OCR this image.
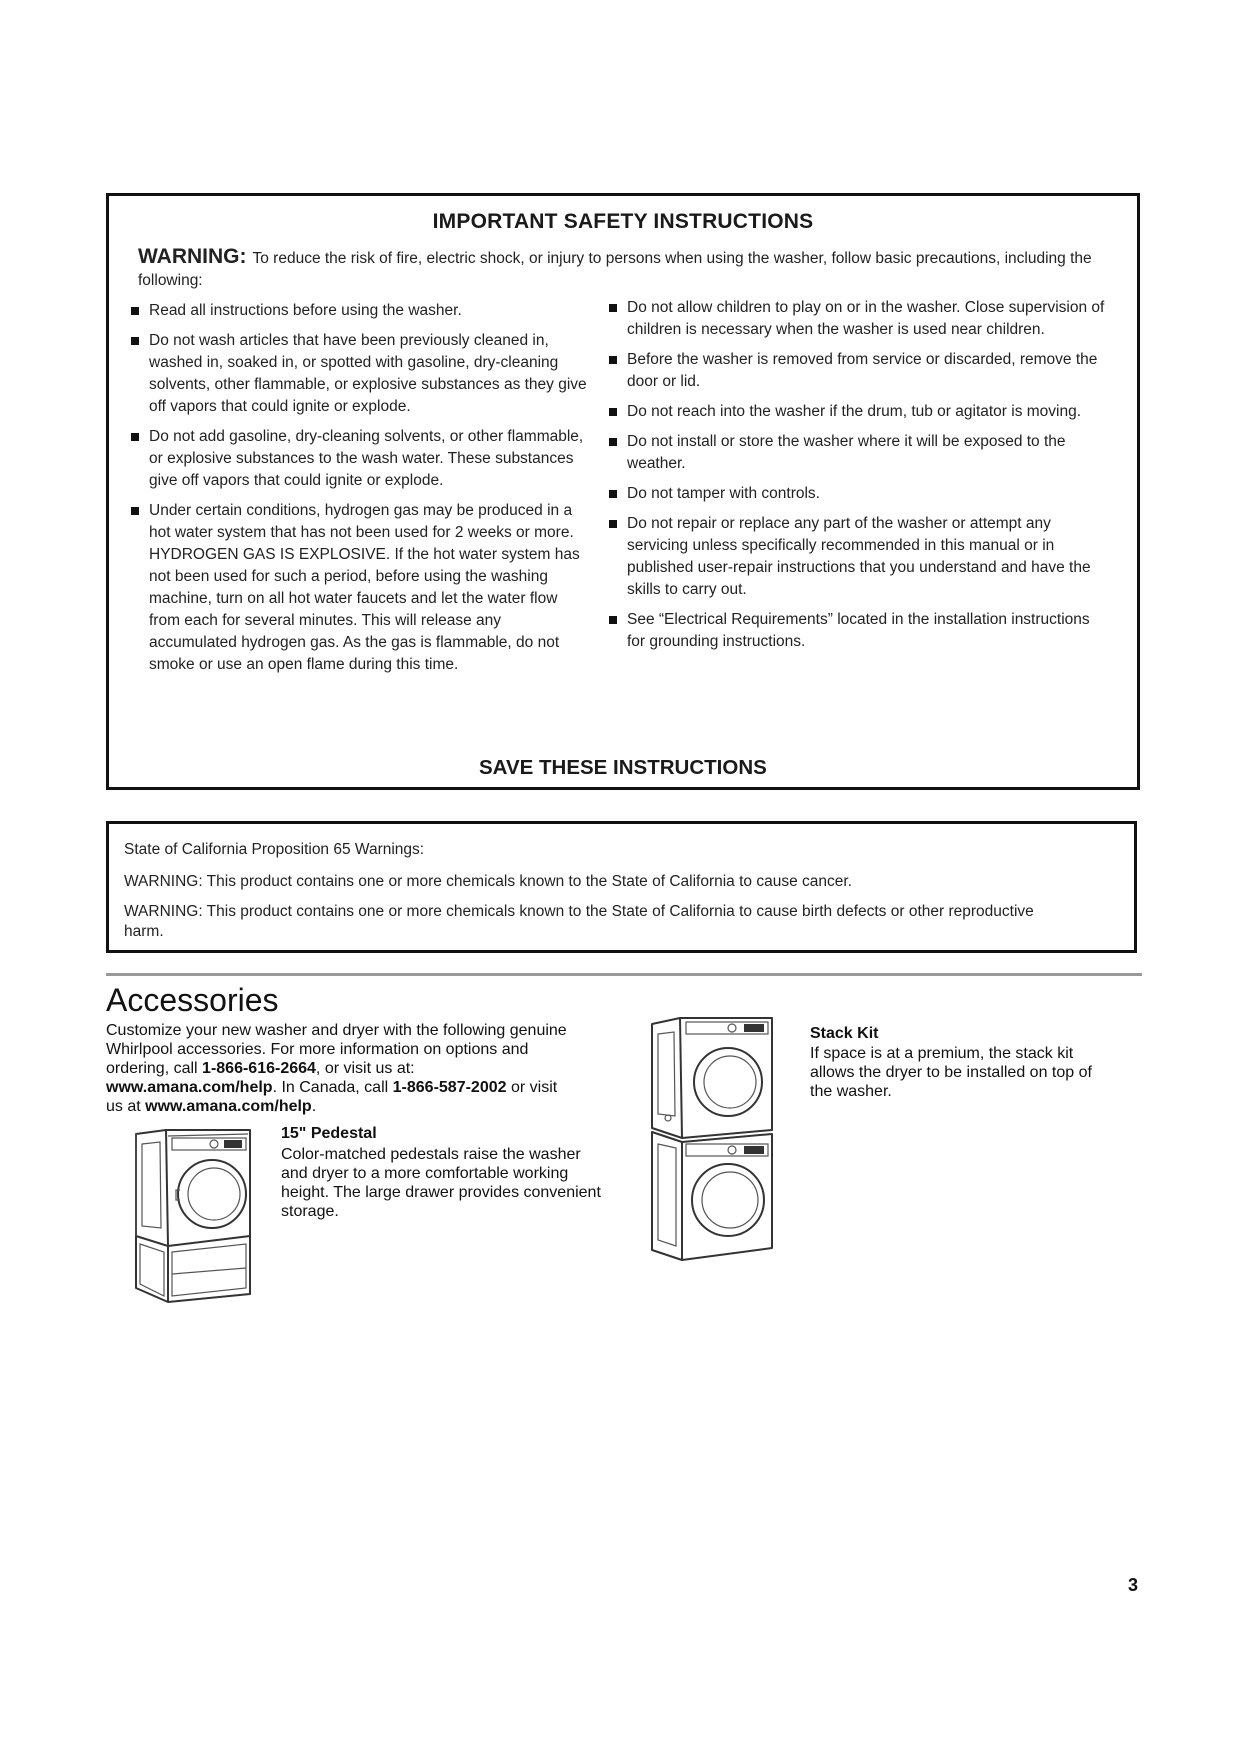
IMPORTANT SAFETY INSTRUCTIONS
WARNING: To reduce the risk of fire, electric shock, or injury to persons when using the washer, follow basic precautions, including the following:
Read all instructions before using the washer.
Do not wash articles that have been previously cleaned in, washed in, soaked in, or spotted with gasoline, dry-cleaning solvents, other flammable, or explosive substances as they give off vapors that could ignite or explode.
Do not add gasoline, dry-cleaning solvents, or other flammable, or explosive substances to the wash water. These substances give off vapors that could ignite or explode.
Under certain conditions, hydrogen gas may be produced in a hot water system that has not been used for 2 weeks or more. HYDROGEN GAS IS EXPLOSIVE. If the hot water system has not been used for such a period, before using the washing machine, turn on all hot water faucets and let the water flow from each for several minutes. This will release any accumulated hydrogen gas. As the gas is flammable, do not smoke or use an open flame during this time.
Do not allow children to play on or in the washer. Close supervision of children is necessary when the washer is used near children.
Before the washer is removed from service or discarded, remove the door or lid.
Do not reach into the washer if the drum, tub or agitator is moving.
Do not install or store the washer where it will be exposed to the weather.
Do not tamper with controls.
Do not repair or replace any part of the washer or attempt any servicing unless specifically recommended in this manual or in published user-repair instructions that you understand and have the skills to carry out.
See “Electrical Requirements” located in the installation instructions for grounding instructions.
SAVE THESE INSTRUCTIONS
State of California Proposition 65 Warnings:
WARNING: This product contains one or more chemicals known to the State of California to cause cancer.
WARNING: This product contains one or more chemicals known to the State of California to cause birth defects or other reproductive harm.
Accessories
Customize your new washer and dryer with the following genuine Whirlpool accessories. For more information on options and ordering, call 1-866-616-2664, or visit us at: www.amana.com/help. In Canada, call 1-866-587-2002 or visit us at www.amana.com/help.
15" Pedestal
Color-matched pedestals raise the washer and dryer to a more comfortable working height. The large drawer provides convenient storage.
Stack Kit
If space is at a premium, the stack kit allows the dryer to be installed on top of the washer.
3
